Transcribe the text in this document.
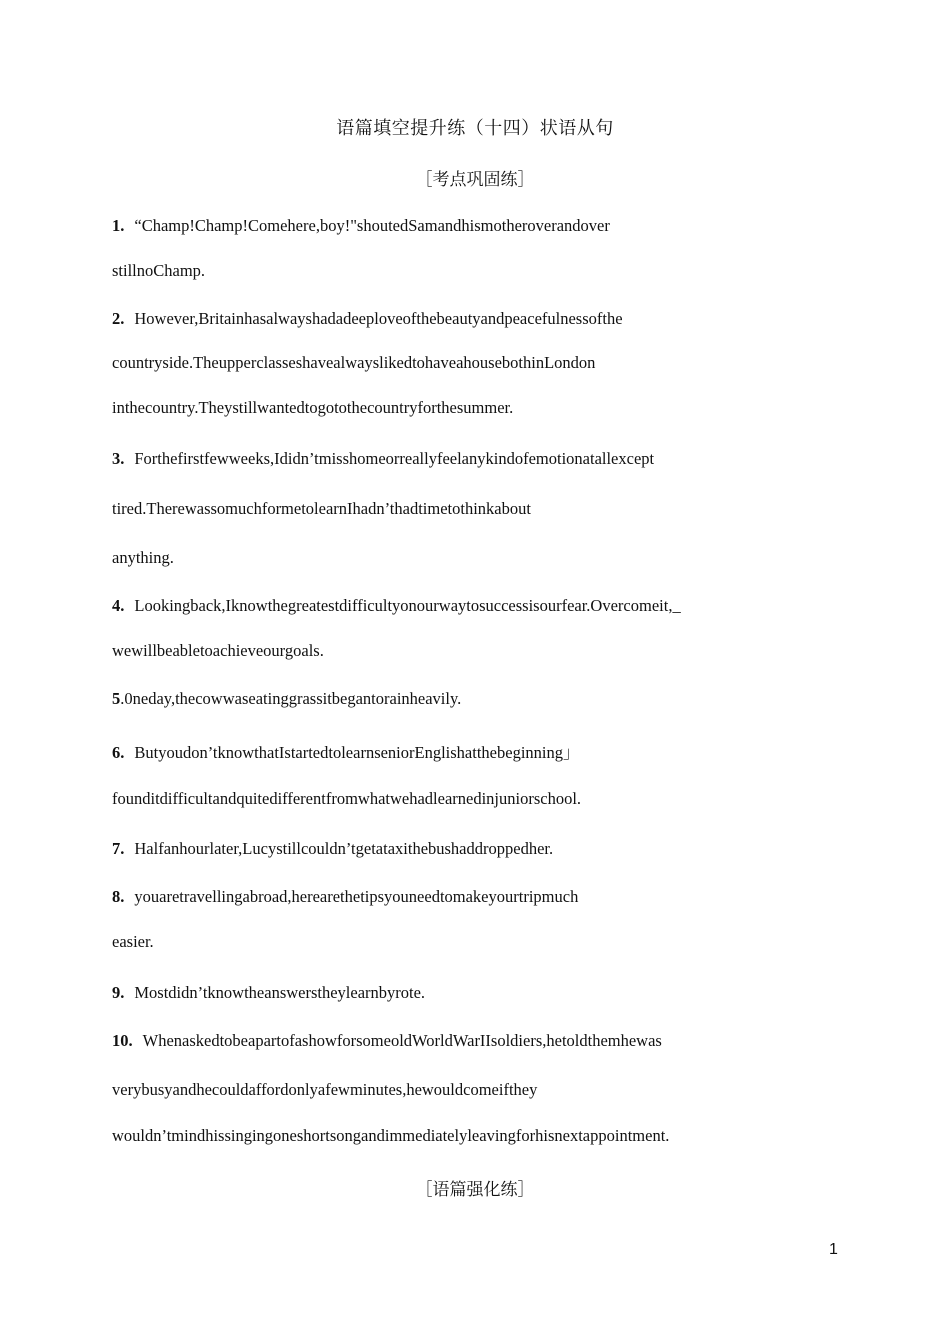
语篇填空提升练（十四）状语从句
［考点巩固练］
1. “Champ!Champ!Comehere,boy!"shoutedSamandhismotheroverandover
stillnoChamp.
2. However,Britainhasalwayshadadeeploveofthebeautyandpeacefulnessofthe
countryside.TheupperclasseshavealwayslikedtohaveahousebothinLondon
inthecountry.Theystillwantedtogotothecountryforthesummer.
3. Forthefirstfewweeks,Ididn’tmisshomeorreallyfeelanykindofemotionatallexcept
tired.TherewassomuchformetolearnIhadn’thadtimetothinkabout
anything.
4. Lookingback,Iknowthegreatestdifficultyonourwaytosuccessisourfear.Overcomeit,_
wewillbeabletoachieveourgoals.
5.0neday,thecowwaseatinggrassitbegantorainheavily.
6. Butyoudon’tknowthatIstartedtolearnseniorEnglishatthebeginning」
founditdifficultandquitedifferentfromwhatwehadlearnedinjuniorschool.
7. Halfanhourlater,Lucystillcouldn’tgetataxithebushaddroppedher.
8. youaretravellingabroad,herearethetipsyouneedtomakeyourtripmuch
easier.
9. Mostdidn’tknowtheanswerstheylearnbyrote.
10. WhenaskedtobeapartofashowforsomeoldWorldWarIIsoldiers,hetoldthemhewas
verybusyandhecouldaffordonlyafewminutes,hewouldcomeifthey
wouldn’tmindhissingingoneshortsongandimmediatelyleavingforhisnextappointment.
［语篇强化练］
1
